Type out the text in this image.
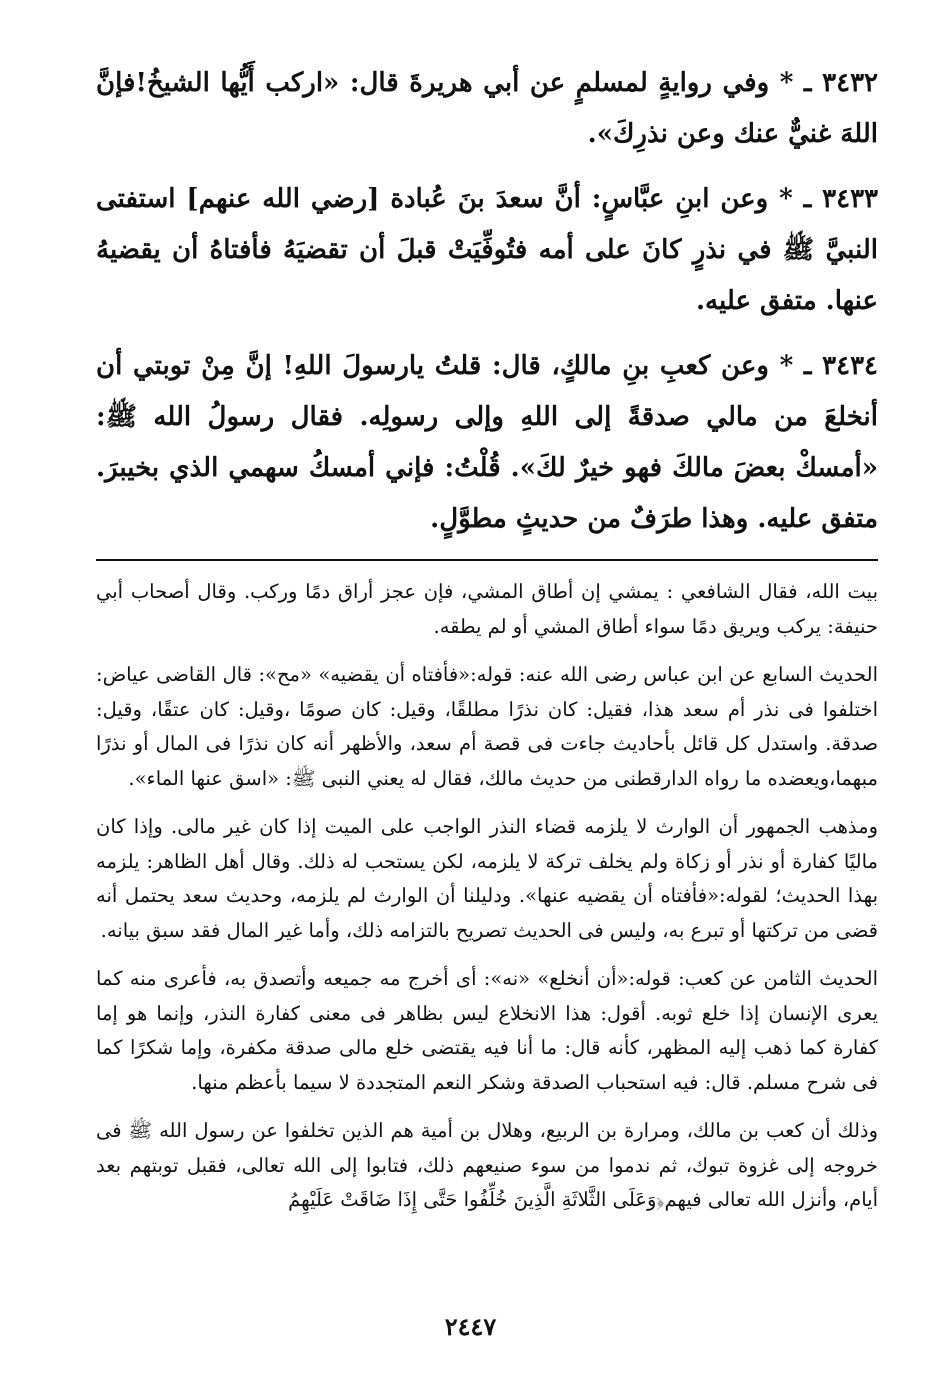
٣٤٣٢ ـ * وفي روايةٍ لمسلمٍ عن أبي هريرةَ قال: «اركب أَيُّها الشيخُ!فإنَّ اللهَ غنيٌّ عنك وعن نذرِكَ».

٣٤٣٣ ـ * وعن ابنِ عبَّاسٍ: أنَّ سعدَ بنَ عُبادة [رضي الله عنهم] استفتى النبيَّ ﷺ في نذرٍ كانَ على أمه فتُوفِّيَتْ قبلَ أن تقضيَهُ فأفتاهُ أن يقضيهُ عنها. متفق عليه.

٣٤٣٤ ـ * وعن كعبِ بنِ مالكٍ، قال: قلتُ يارسولَ اللهِ! إنَّ مِنْ توبتي أن أنخلعَ من مالي صدقةً إلى اللهِ وإلى رسولِه. فقال رسولُ الله ﷺ: «أمسكْ بعضَ مالكَ فهو خيرٌ لكَ». قُلْتُ: فإني أمسكُ سهمي الذي بخيبرَ. متفق عليه. وهذا طرَفٌ من حديثٍ مطوَّلٍ.

بيت الله، فقال الشافعي : يمشي إن أطاق المشي، فإن عجز أراق دمًا وركب. وقال أصحاب أبي حنيفة: يركب ويريق دمًا سواء أطاق المشي أو لم يطقه.

الحديث السابع عن ابن عباس رضى الله عنه: قوله:«فأفتاه أن يقضيه» «مح»: قال القاضى عياض: اختلفوا فى نذر أم سعد هذا، فقيل: كان نذرًا مطلقًا، وقيل: كان صومًا ،وقيل: كان عتقًا، وقيل: صدقة. واستدل كل قائل بأحاديث جاءت فى قصة أم سعد، والأظهر أنه كان نذرًا فى المال أو نذرًا مبهما،ويعضده ما رواه الدارقطنى من حديث مالك، فقال له يعني النبى ﷺ: «اسق عنها الماء».

ومذهب الجمهور أن الوارث لا يلزمه قضاء النذر الواجب على الميت إذا كان غير مالى. وإذا كان ماليًا كفارة أو نذر أو زكاة ولم يخلف تركة لا يلزمه، لكن يستحب له ذلك. وقال أهل الظاهر: يلزمه بهذا الحديث؛ لقوله:«فأفتاه أن يقضيه عنها». ودليلنا أن الوارث لم يلزمه، وحديث سعد يحتمل أنه قضى من تركتها أو تبرع به، وليس فى الحديث تصريح بالتزامه ذلك، وأما غير المال فقد سبق بيانه.

الحديث الثامن عن كعب: قوله:«أن أنخلع» «نه»: أى أخرج مه جميعه وأتصدق به، فأعرى منه كما يعرى الإنسان إذا خلع ثوبه. أقول: هذا الانخلاع ليس بظاهر فى معنى كفارة النذر، وإنما هو إما كفارة كما ذهب إليه المظهر، كأنه قال: ما أنا فيه يقتضى خلع مالى صدقة مكفرة، وإما شكرًا كما فى شرح مسلم. قال: فيه استحباب الصدقة وشكر النعم المتجددة لا سيما بأعظم منها.

وذلك أن كعب بن مالك، ومرارة بن الربيع، وهلال بن أمية هم الذين تخلفوا عن رسول الله ﷺ فى خروجه إلى غزوة تبوك، ثم ندموا من سوء صنيعهم ذلك، فتابوا إلى الله تعالى، فقبل توبتهم بعد أيام، وأنزل الله تعالى فيهم﴿وَعَلَى الثَّلاثَةِ الَّذِينَ خُلِّفُوا حَتَّى إِذَا ضَاقَتْ عَلَيْهِمُ

٢٤٤٧
